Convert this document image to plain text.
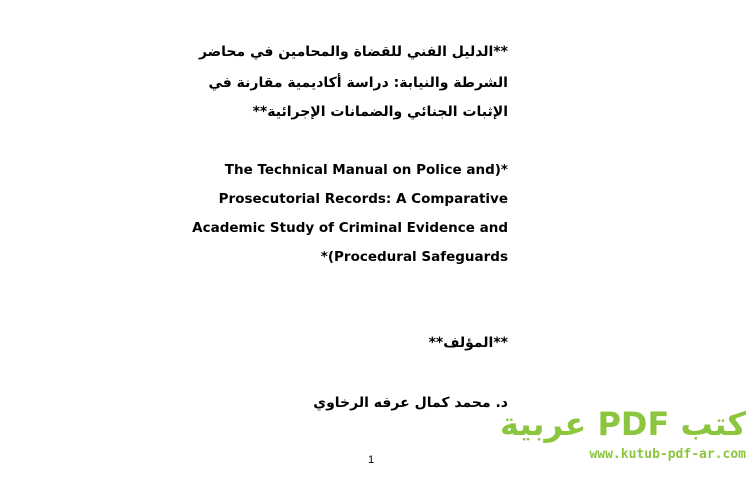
**الدليل الفني للقضاة والمحامين في محاضر
الشرطة والنيابة: دراسة أكاديمية مقارنة في
الإثبات الجنائي والضمانات الإجرائية**
*(The Technical Manual on Police and
Prosecutorial Records: A Comparative
Academic Study of Criminal Evidence and
Procedural Safeguards)*
**المؤلف**
د. محمد كمال عرفه الرخاوي
1
كتب PDF عربية
www.kutub-pdf-ar.com
